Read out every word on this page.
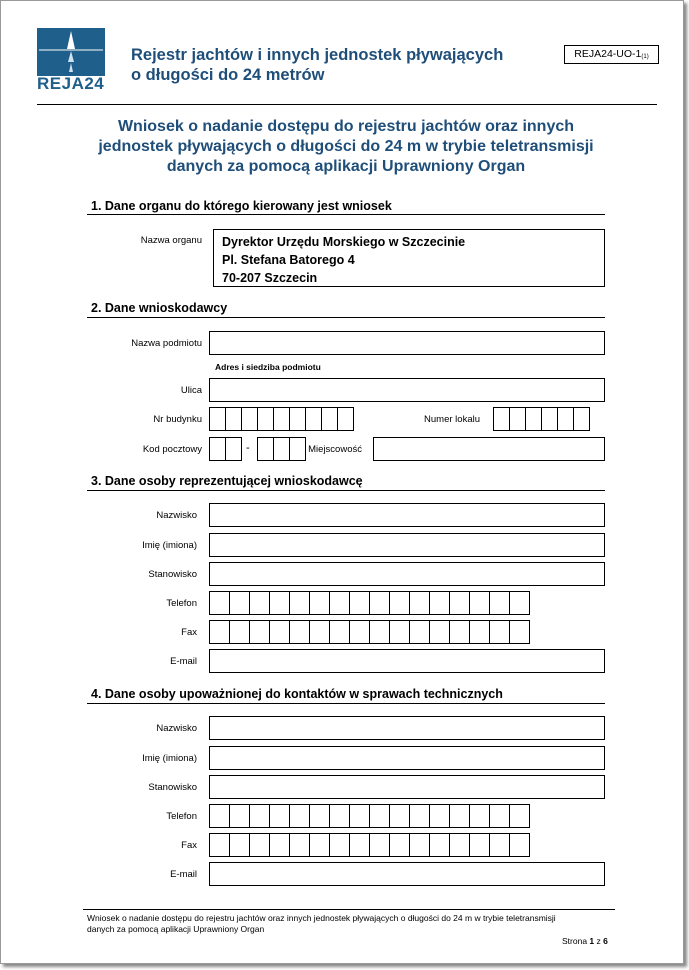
REJA24
Rejestr jachtów i innych jednostek pływających
o długości do 24 metrów
$REJA24-UO-1_{(1)}$
Wniosek o nadanie dostępu do rejestru jachtów oraz innych
jednostek pływających o długości do 24 m w trybie teletransmisji
danych za pomocą aplikacji Uprawniony Organ
1. Dane organu do którego kierowany jest wniosek
Nazwa organu Dyrektor Urzędu Morskiego w Szczecinie
Pl. Stefana Batorego 4
70-207 Szczecin
2. Dane wnioskodawcy
Nazwa podmiotu
Adres i siedziba podmiotu
Ulica
Nr budynku	Numer lokalu
Kod pocztowy	-	Miejscowość
3. Dane osoby reprezentującej wnioskodawcę
Nazwisko
Imię (imiona)
Stanowisko
Telefon
Fax
E-mail
4. Dane osoby upoważnionej do kontaktów w sprawach technicznych
Nazwisko
Imię (imiona)
Stanowisko
Telefon
Fax
E-mail
Wniosek o nadanie dostępu do rejestru jachtów oraz innych jednostek pływających o długości do 24 m w trybie teletransmisji
danych za pomocą aplikacji Uprawniony Organ
Strona 1 z 6
